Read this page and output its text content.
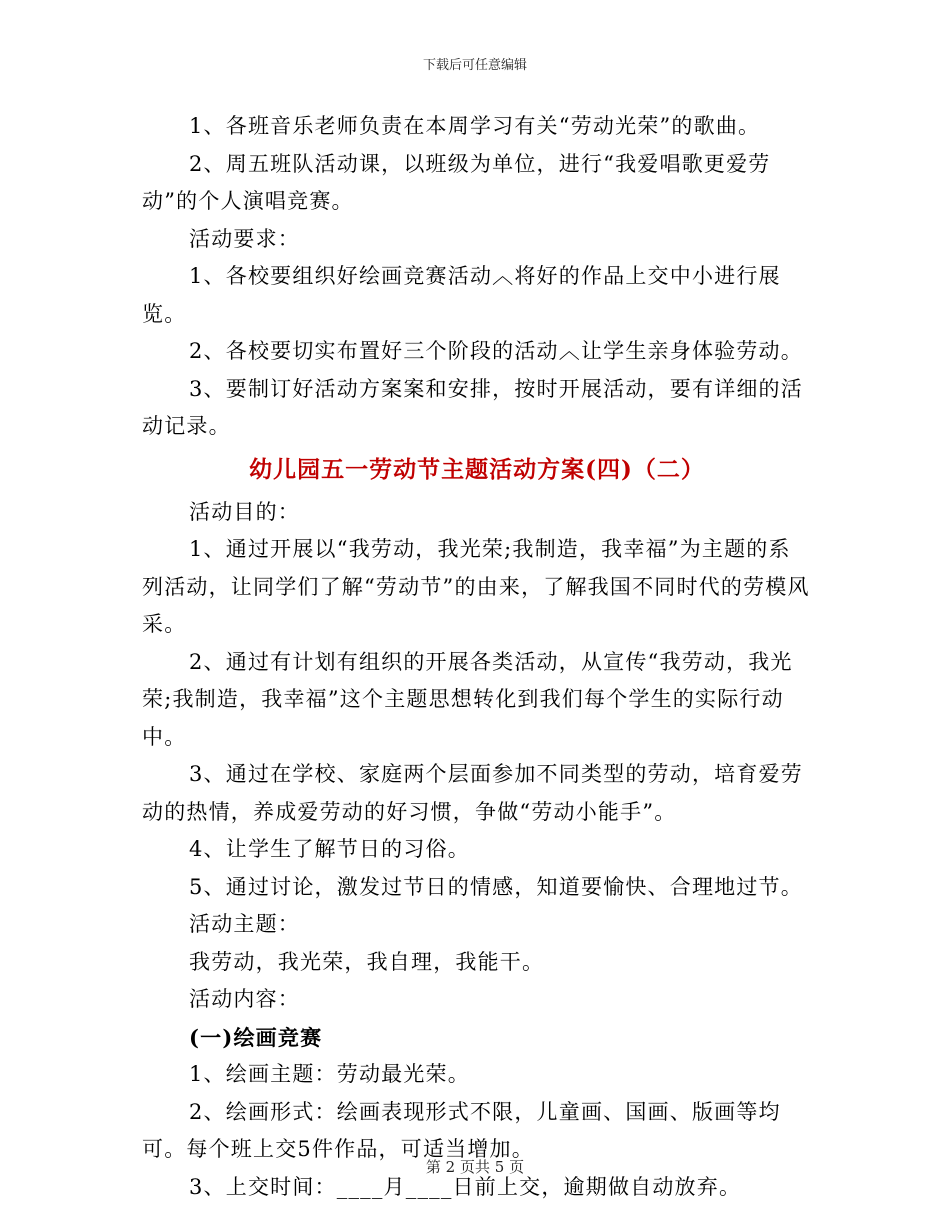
下载后可任意编辑

1、各班音乐老师负责在本周学习有关“劳动光荣”的歌曲。

2、周五班队活动课，以班级为单位，进行“我爱唱歌更爱劳动”的个人演唱竞赛。

活动要求：

1、各校要组织好绘画竞赛活动︿将好的作品上交中小进行展览。

2、各校要切实布置好三个阶段的活动︿让学生亲身体验劳动。

3、要制订好活动方案案和安排，按时开展活动，要有详细的活动记录。

幼儿园五一劳动节主题活动方案(四)（二）

活动目的：

1、通过开展以“我劳动，我光荣;我制造，我幸福”为主题的系列活动，让同学们了解“劳动节”的由来，了解我国不同时代的劳模风采。

2、通过有计划有组织的开展各类活动，从宣传“我劳动，我光荣;我制造，我幸福”这个主题思想转化到我们每个学生的实际行动中。

3、通过在学校、家庭两个层面参加不同类型的劳动，培育爱劳动的热情，养成爱劳动的好习惯，争做“劳动小能手”。

4、让学生了解节日的习俗。

5、通过讨论，激发过节日的情感，知道要愉快、合理地过节。

活动主题：

我劳动，我光荣，我自理，我能干。

活动内容：

(一)绘画竞赛

1、绘画主题：劳动最光荣。

2、绘画形式：绘画表现形式不限，儿童画、国画、版画等均可。每个班上交5件作品，可适当增加。

3、上交时间：____月____日前上交，逾期做自动放弃。

第 2 页共 5 页
